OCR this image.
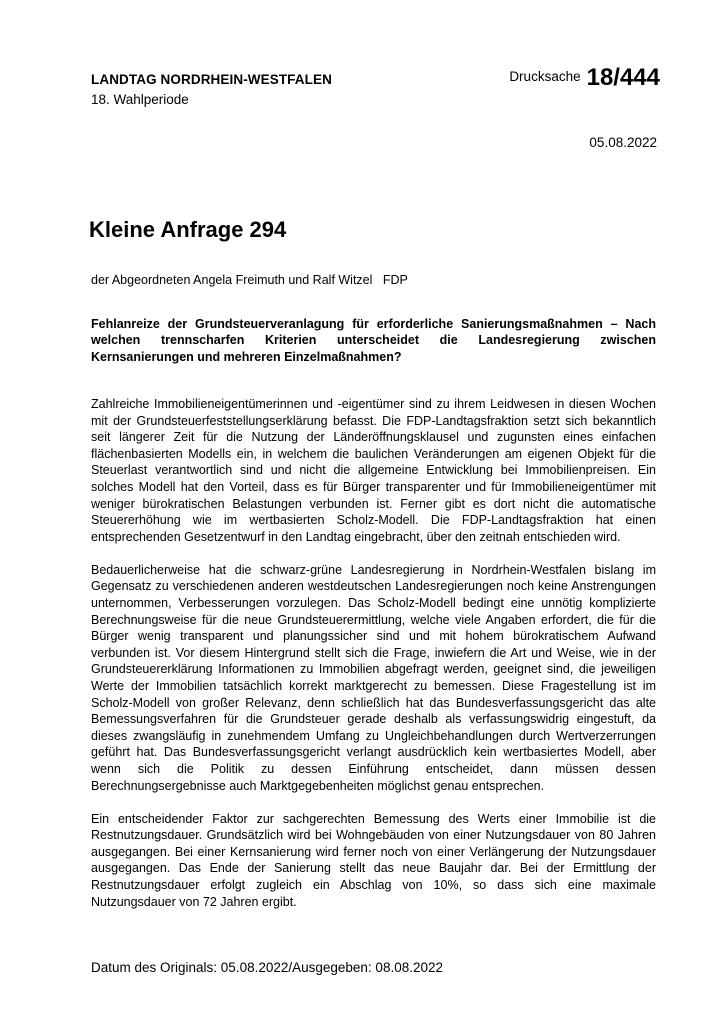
LANDTAG NORDRHEIN-WESTFALEN
18. Wahlperiode
$^{Drucksache}$ 18/444
05.08.2022
Kleine Anfrage 294
der Abgeordneten Angela Freimuth und Ralf Witzel   FDP

Fehlanreize der Grundsteuerveranlagung für erforderliche Sanierungsmaßnahmen – Nach welchen trennscharfen Kriterien unterscheidet die Landesregierung zwischen Kernsanierungen und mehreren Einzelmaßnahmen?

Zahlreiche Immobilieneigentümerinnen und -eigentümer sind zu ihrem Leidwesen in diesen Wochen mit der Grundsteuerfeststellungserklärung befasst. Die FDP-Landtagsfraktion setzt sich bekanntlich seit längerer Zeit für die Nutzung der Länderöffnungsklausel und zugunsten eines einfachen flächenbasierten Modells ein, in welchem die baulichen Veränderungen am eigenen Objekt für die Steuerlast verantwortlich sind und nicht die allgemeine Entwicklung bei Immobilienpreisen. Ein solches Modell hat den Vorteil, dass es für Bürger transparenter und für Immobilieneigentümer mit weniger bürokratischen Belastungen verbunden ist. Ferner gibt es dort nicht die automatische Steuererhöhung wie im wertbasierten Scholz-Modell. Die FDP-Landtagsfraktion hat einen entsprechenden Gesetzentwurf in den Landtag eingebracht, über den zeitnah entschieden wird.

Bedauerlicherweise hat die schwarz-grüne Landesregierung in Nordrhein-Westfalen bislang im Gegensatz zu verschiedenen anderen westdeutschen Landesregierungen noch keine Anstrengungen unternommen, Verbesserungen vorzulegen. Das Scholz-Modell bedingt eine unnötig komplizierte Berechnungsweise für die neue Grundsteuerermittlung, welche viele Angaben erfordert, die für die Bürger wenig transparent und planungssicher sind und mit hohem bürokratischem Aufwand verbunden ist. Vor diesem Hintergrund stellt sich die Frage, inwiefern die Art und Weise, wie in der Grundsteuererklärung Informationen zu Immobilien abgefragt werden, geeignet sind, die jeweiligen Werte der Immobilien tatsächlich korrekt marktgerecht zu bemessen. Diese Fragestellung ist im Scholz-Modell von großer Relevanz, denn schließlich hat das Bundesverfassungsgericht das alte Bemessungsverfahren für die Grundsteuer gerade deshalb als verfassungswidrig eingestuft, da dieses zwangsläufig in zunehmendem Umfang zu Ungleichbehandlungen durch Wertverzerrungen geführt hat. Das Bundesverfassungsgericht verlangt ausdrücklich kein wertbasiertes Modell, aber wenn sich die Politik zu dessen Einführung entscheidet, dann müssen dessen Berechnungsergebnisse auch Marktgegebenheiten möglichst genau entsprechen.

Ein entscheidender Faktor zur sachgerechten Bemessung des Werts einer Immobilie ist die Restnutzungsdauer. Grundsätzlich wird bei Wohngebäuden von einer Nutzungsdauer von 80 Jahren ausgegangen. Bei einer Kernsanierung wird ferner noch von einer Verlängerung der Nutzungsdauer ausgegangen. Das Ende der Sanierung stellt das neue Baujahr dar. Bei der Ermittlung der Restnutzungsdauer erfolgt zugleich ein Abschlag von 10%, so dass sich eine maximale Nutzungsdauer von 72 Jahren ergibt.

Datum des Originals: 05.08.2022/Ausgegeben: 08.08.2022
